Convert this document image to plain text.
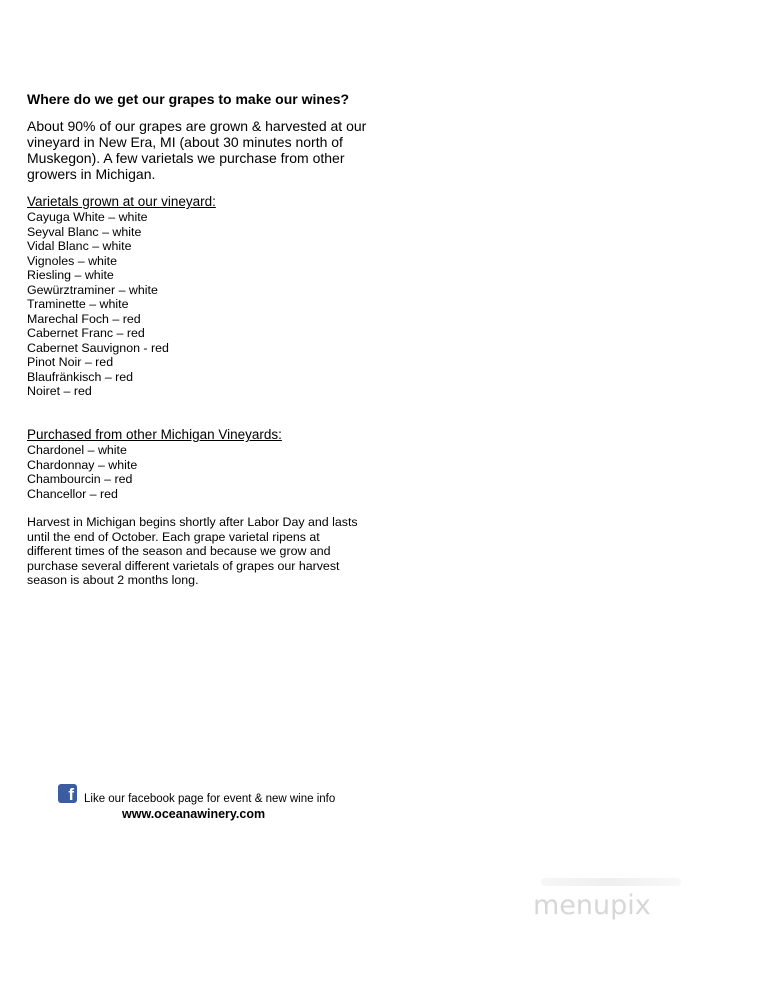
Where do we get our grapes to make our wines?
About 90% of our grapes are grown & harvested at our vineyard in New Era, MI (about 30 minutes north of Muskegon). A few varietals we purchase from other growers in Michigan.
Varietals grown at our vineyard:
Cayuga White – white
Seyval Blanc – white
Vidal Blanc – white
Vignoles – white
Riesling – white
Gewürztraminer – white
Traminette – white
Marechal Foch – red
Cabernet Franc – red
Cabernet Sauvignon - red
Pinot Noir – red
Blaufränkisch – red
Noiret – red
Purchased from other Michigan Vineyards:
Chardonel – white
Chardonnay – white
Chambourcin – red
Chancellor – red
Harvest in Michigan begins shortly after Labor Day and lasts until the end of October. Each grape varietal ripens at different times of the season and because we grow and purchase several different varietals of grapes our harvest season is about 2 months long.
f Like our facebook page for event & new wine info
www.oceanawinery.com
menupix
